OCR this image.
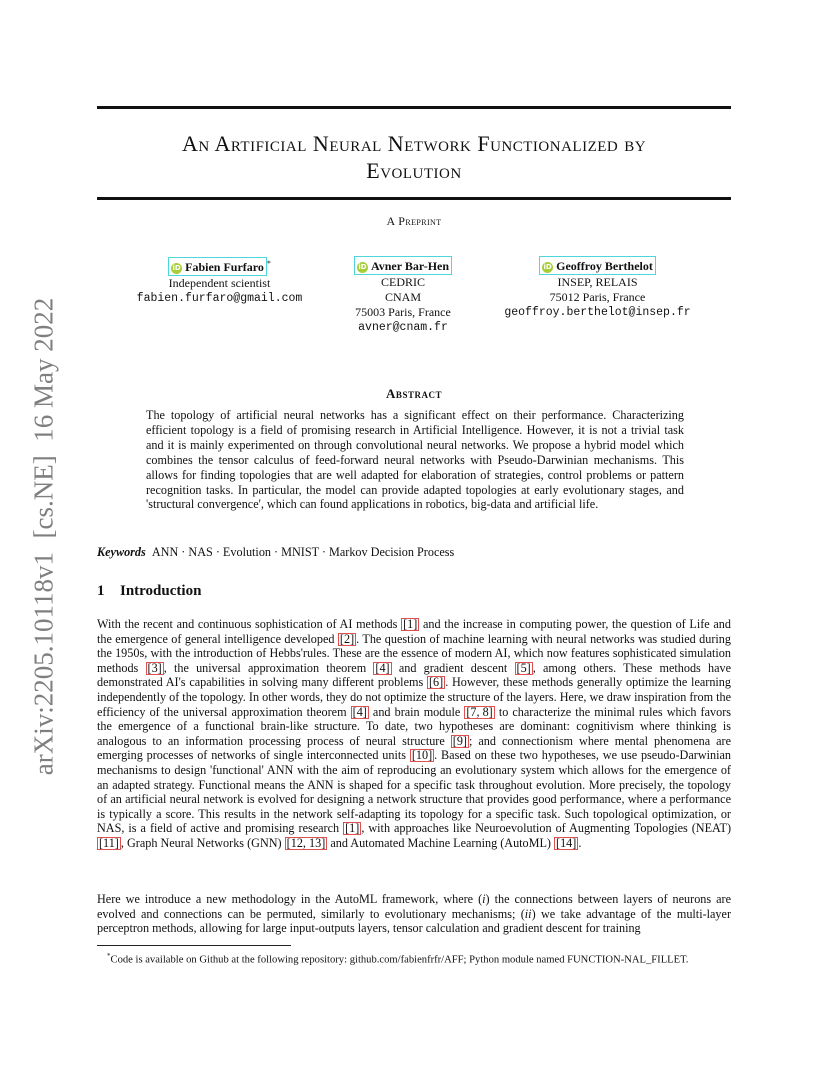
arXiv:2205.10118v1  [cs.NE]  16 May 2022
An Artificial Neural Network Functionalized by
Evolution
A Preprint
iD Fabien Furfaro *
Independent scientist
fabien.furfaro@gmail.com
iD Avner Bar-Hen
CEDRIC
CNAM
75003 Paris, France
avner@cnam.fr
iD Geoffroy Berthelot
INSEP, RELAIS
75012 Paris, France
geoffroy.berthelot@insep.fr
Abstract
The topology of artificial neural networks has a significant effect on their performance. Characterizing efficient topology is a field of promising research in Artificial Intelligence. However, it is not a trivial task and it is mainly experimented on through convolutional neural networks. We propose a hybrid model which combines the tensor calculus of feed-forward neural networks with Pseudo-Darwinian mechanisms. This allows for finding topologies that are well adapted for elaboration of strategies, control problems or pattern recognition tasks. In particular, the model can provide adapted topologies at early evolutionary stages, and 'structural convergence', which can found applications in robotics, big-data and artificial life.
Keywords ANN · NAS · Evolution · MNIST · Markov Decision Process
1 Introduction
With the recent and continuous sophistication of AI methods [1] and the increase in computing power, the question of Life and the emergence of general intelligence developed [2] . The question of machine learning with neural networks was studied during the 1950s, with the introduction of Hebbs'rules. These are the essence of modern AI, which now features sophisticated simulation methods [3] , the universal approximation theorem [4] and gradient descent [5] , among others. These methods have demonstrated AI's capabilities in solving many different problems [6] . However, these methods generally optimize the learning independently of the topology. In other words, they do not optimize the structure of the layers. Here, we draw inspiration from the efficiency of the universal approximation theorem [4] and brain module [7, 8] to characterize the minimal rules which favors the emergence of a functional brain-like structure. To date, two hypotheses are dominant: cognitivism where thinking is analogous to an information processing process of neural structure [9] ; and connectionism where mental phenomena are emerging processes of networks of single interconnected units [10] . Based on these two hypotheses, we use pseudo-Darwinian mechanisms to design 'functional' ANN with the aim of reproducing an evolutionary system which allows for the emergence of an adapted strategy. Functional means the ANN is shaped for a specific task throughout evolution. More precisely, the topology of an artificial neural network is evolved for designing a network structure that provides good performance, where a performance is typically a score. This results in the network self-adapting its topology for a specific task. Such topological optimization, or NAS, is a field of active and promising research [1] , with approaches like Neuroevolution of Augmenting Topologies (NEAT) [11] , Graph Neural Networks (GNN) [12, 13] and Automated Machine Learning (AutoML) [14] .
Here we introduce a new methodology in the AutoML framework, where (i) the connections between layers of neurons are evolved and connections can be permuted, similarly to evolutionary mechanisms; (ii) we take advantage of the multi-layer perceptron methods, allowing for large input-outputs layers, tensor calculation and gradient descent for training
*Code is available on Github at the following repository: github.com/fabienfrfr/AFF; Python module named FUNCTION-NAL_FILLET.
